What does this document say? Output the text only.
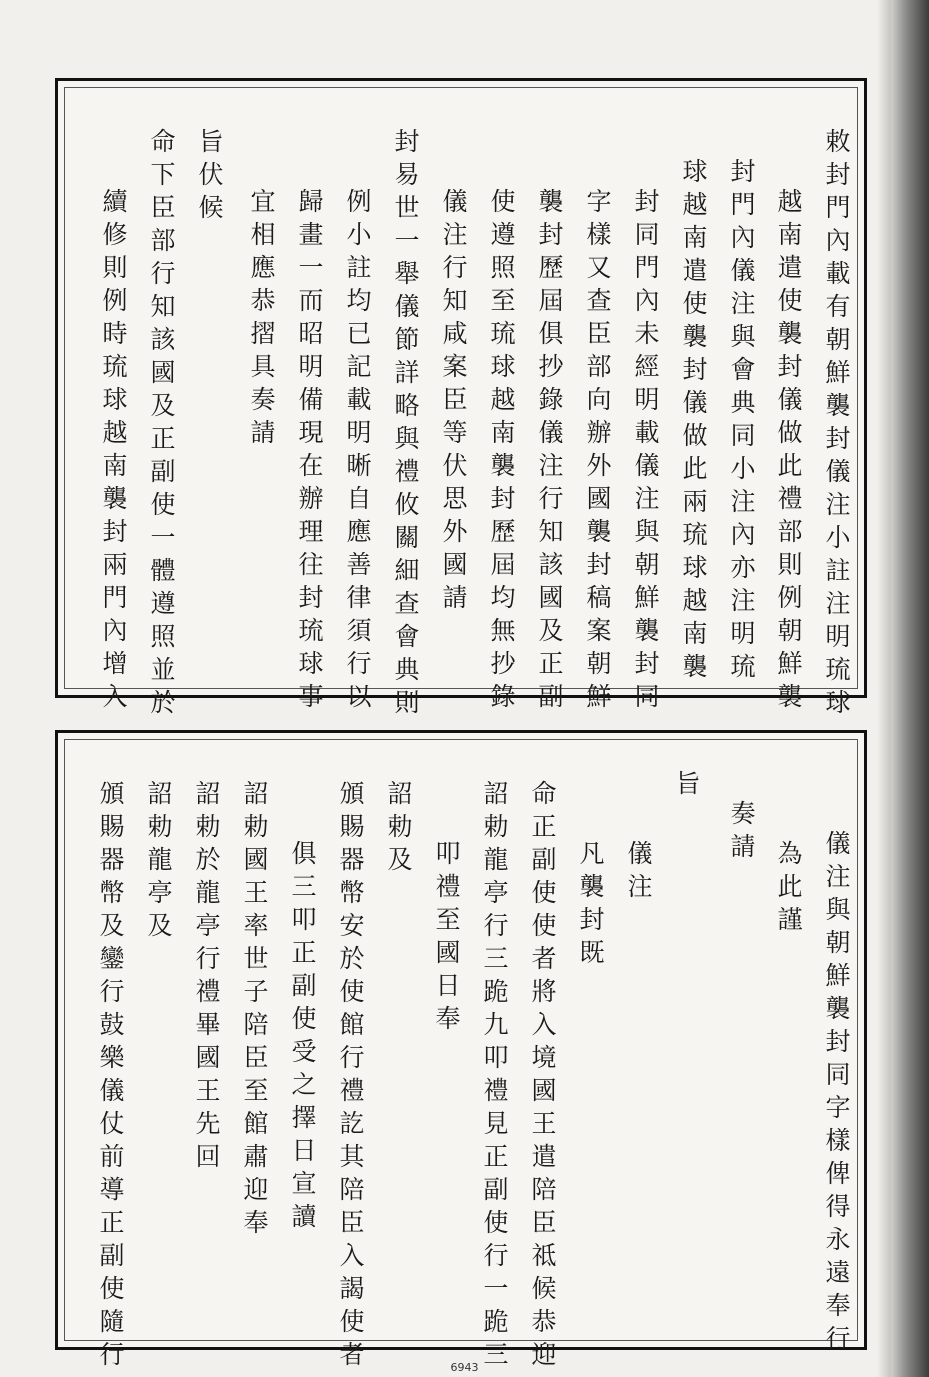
敕封門內載有朝鮮襲封儀注小註注明琉球
越南遣使襲封儀做此禮部則例朝鮮襲
封門內儀注與會典同小注內亦注明琉
球越南遣使襲封儀做此兩琉球越南襲
封同門內未經明載儀注與朝鮮襲封同
字樣又查臣部向辦外國襲封稿案朝鮮
襲封歷屆俱抄錄儀注行知該國及正副
使遵照至琉球越南襲封歷屆均無抄錄
儀注行知咸案臣等伏思外國請
封易世一舉儀節詳略與禮攸關細查會典則
例小註均已記載明晰自應善律須行以
歸畫一而昭明備現在辦理往封琉球事
宜相應恭摺具奏請
旨伏候
命下臣部行知該國及正副使一體遵照並於
續修則例時琉球越南襲封兩門內增入
儀注與朝鮮襲封同字樣俾得永遠奉行
為此謹
奏請
旨
儀注
凡襲封既
命正副使使者將入境國王遣陪臣祗候恭迎
詔勅龍亭行三跪九叩禮見正副使行一跪三
叩禮至國日奉
詔勅及
頒賜器幣安於使館行禮訖其陪臣入謁使者
俱三叩正副使受之擇日宣讀
詔勅國王率世子陪臣至館肅迎奉
詔勅於龍亭行禮畢國王先回
詔勅龍亭及
頒賜器幣及鑾行鼓樂儀仗前導正副使隨行	6943
